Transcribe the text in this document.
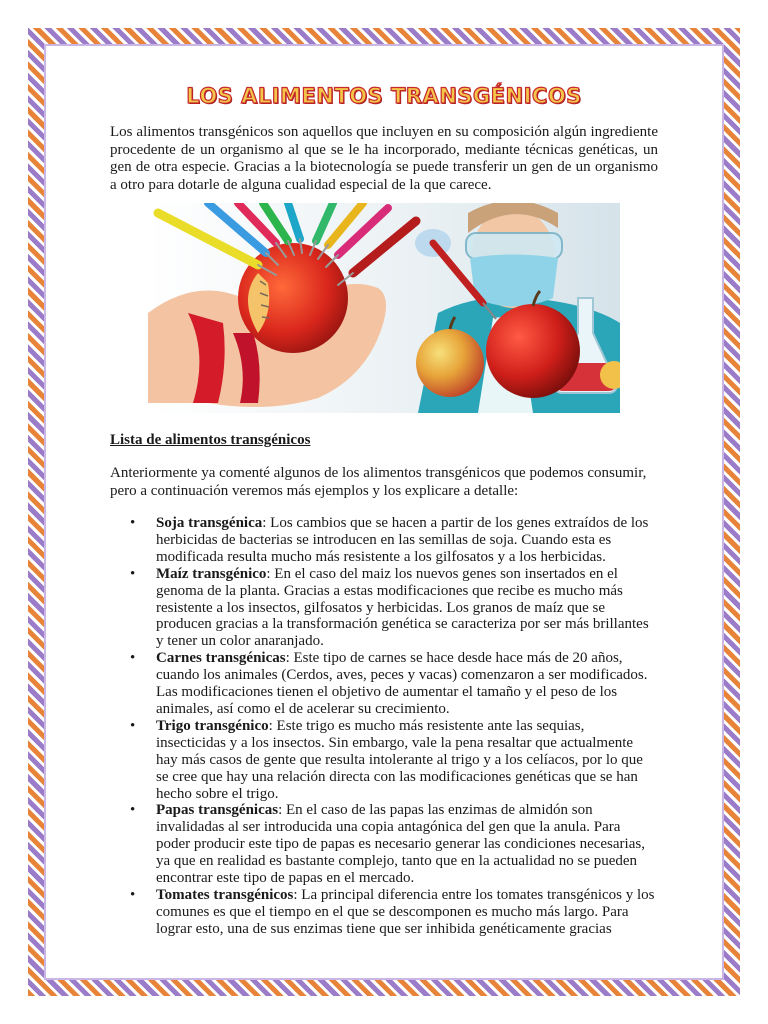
LOS ALIMENTOS TRANSGÉNICOS

Los alimentos transgénicos son aquellos que incluyen en su composición algún ingrediente procedente de un organismo al que se le ha incorporado, mediante técnicas genéticas, un gen de otra especie. Gracias a la biotecnología se puede transferir un gen de un organismo a otro para dotarle de alguna cualidad especial de la que carece.

Lista de alimentos transgénicos

Anteriormente ya comenté algunos de los alimentos transgénicos que podemos consumir, pero a continuación veremos más ejemplos y los explicare a detalle:

• Soja transgénica: Los cambios que se hacen a partir de los genes extraídos de los herbicidas de bacterias se introducen en las semillas de soja. Cuando esta es modificada resulta mucho más resistente a los gilfosatos y a los herbicidas.
• Maíz transgénico: En el caso del maiz los nuevos genes son insertados en el genoma de la planta. Gracias a estas modificaciones que recibe es mucho más resistente a los insectos, gilfosatos y herbicidas. Los granos de maíz que se producen gracias a la transformación genética se caracteriza por ser más brillantes y tener un color anaranjado.
• Carnes transgénicas: Este tipo de carnes se hace desde hace más de 20 años, cuando los animales (Cerdos, aves, peces y vacas) comenzaron a ser modificados. Las modificaciones tienen el objetivo de aumentar el tamaño y el peso de los animales, así como el de acelerar su crecimiento.
• Trigo transgénico: Este trigo es mucho más resistente ante las sequias, insecticidas y a los insectos. Sin embargo, vale la pena resaltar que actualmente hay más casos de gente que resulta intolerante al trigo y a los celíacos, por lo que se cree que hay una relación directa con las modificaciones genéticas que se han hecho sobre el trigo.
• Papas transgénicas: En el caso de las papas las enzimas de almidón son invalidadas al ser introducida una copia antagónica del gen que la anula. Para poder producir este tipo de papas es necesario generar las condiciones necesarias, ya que en realidad es bastante complejo, tanto que en la actualidad no se pueden encontrar este tipo de papas en el mercado.
• Tomates transgénicos: La principal diferencia entre los tomates transgénicos y los comunes es que el tiempo en el que se descomponen es mucho más largo. Para lograr esto, una de sus enzimas tiene que ser inhibida genéticamente gracias
